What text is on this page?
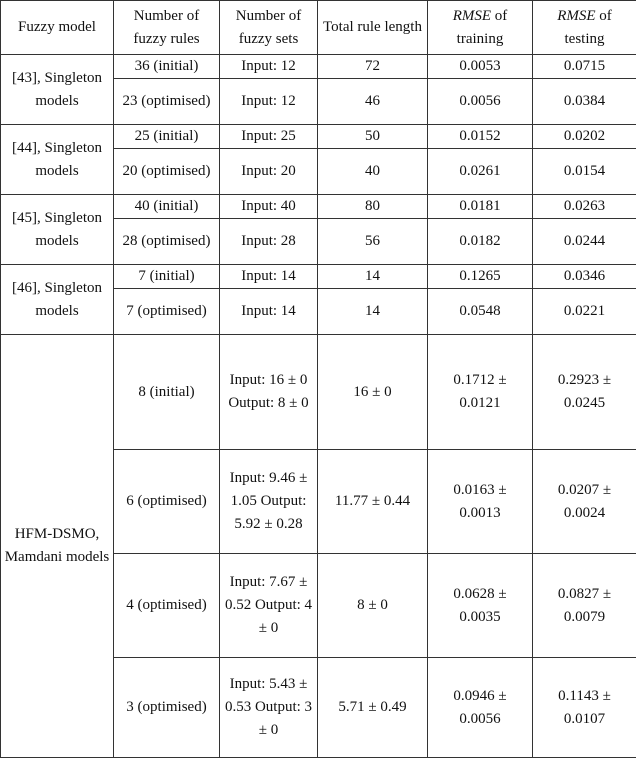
Fuzzy model	Number of fuzzy rules	Number of fuzzy sets	Total rule length	RMSE of training	RMSE of testing
[43], Singleton models	36 (initial)	Input: 12	72	0.0053	0.0715
	23 (optimised)	Input: 12	46	0.0056	0.0384
[44], Singleton models	25 (initial)	Input: 25	50	0.0152	0.0202
	20 (optimised)	Input: 20	40	0.0261	0.0154
[45], Singleton models	40 (initial)	Input: 40	80	0.0181	0.0263
	28 (optimised)	Input: 28	56	0.0182	0.0244
[46], Singleton models	7 (initial)	Input: 14	14	0.1265	0.0346
	7 (optimised)	Input: 14	14	0.0548	0.0221
HFM-DSMO, Mamdani models	8 (initial)	Input: 16 ± 0 Output: 8 ± 0	16 ± 0	0.1712 ± 0.0121	0.2923 ± 0.0245
	6 (optimised)	Input: 9.46 ± 1.05 Output: 5.92 ± 0.28	11.77 ± 0.44	0.0163 ± 0.0013	0.0207 ± 0.0024
	4 (optimised)	Input: 7.67 ± 0.52 Output: 4 ± 0	8 ± 0	0.0628 ± 0.0035	0.0827 ± 0.0079
	3 (optimised)	Input: 5.43 ± 0.53 Output: 3 ± 0	5.71 ± 0.49	0.0946 ± 0.0056	0.1143 ± 0.0107
